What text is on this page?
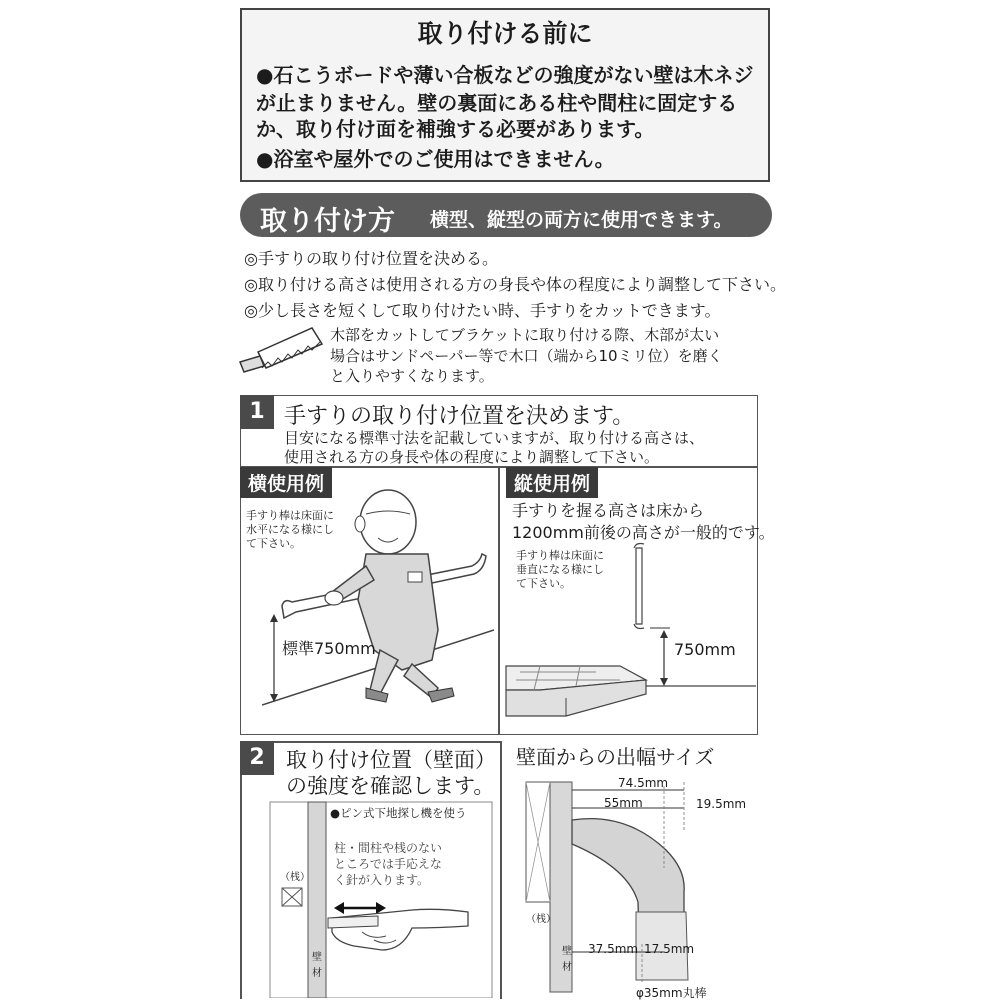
取り付ける前に
●石こうボードや薄い合板などの強度がない壁は木ネジ
が止まりません。壁の裏面にある柱や間柱に固定する
か、取り付け面を補強する必要があります。
●浴室や屋外でのご使用はできません。
取り付け方 横型、縦型の両方に使用できます。
◎手すりの取り付け位置を決める。
◎取り付ける高さは使用される方の身長や体の程度により調整して下さい。
◎少し長さを短くして取り付けたい時、手すりをカットできます。
木部をカットしてブラケットに取り付ける際、木部が太い
場合はサンドペーパー等で木口（端から10ミリ位）を磨く
と入りやすくなります。
1 手すりの取り付け位置を決めます。
目安になる標準寸法を記載していますが、取り付ける高さは、
使用される方の身長や体の程度により調整して下さい。
横使用例
手すり棒は床面に
水平になる様にし
て下さい。
標準750mm
縦使用例
手すりを握る高さは床から
1200mm前後の高さが一般的です。
手すり棒は床面に
垂直になる様にし
て下さい。
750mm
2	取り付け位置（壁面）
の強度を確認します。
●ピン式下地探し機を使う
柱・間柱や桟のない
ところでは手応えな
く針が入ります。
（桟）
壁
材
壁面からの出幅サイズ
74.5mm
55mm	19.5mm
37.5mm 17.5mm
φ35mm丸棒
（桟）
壁
材
